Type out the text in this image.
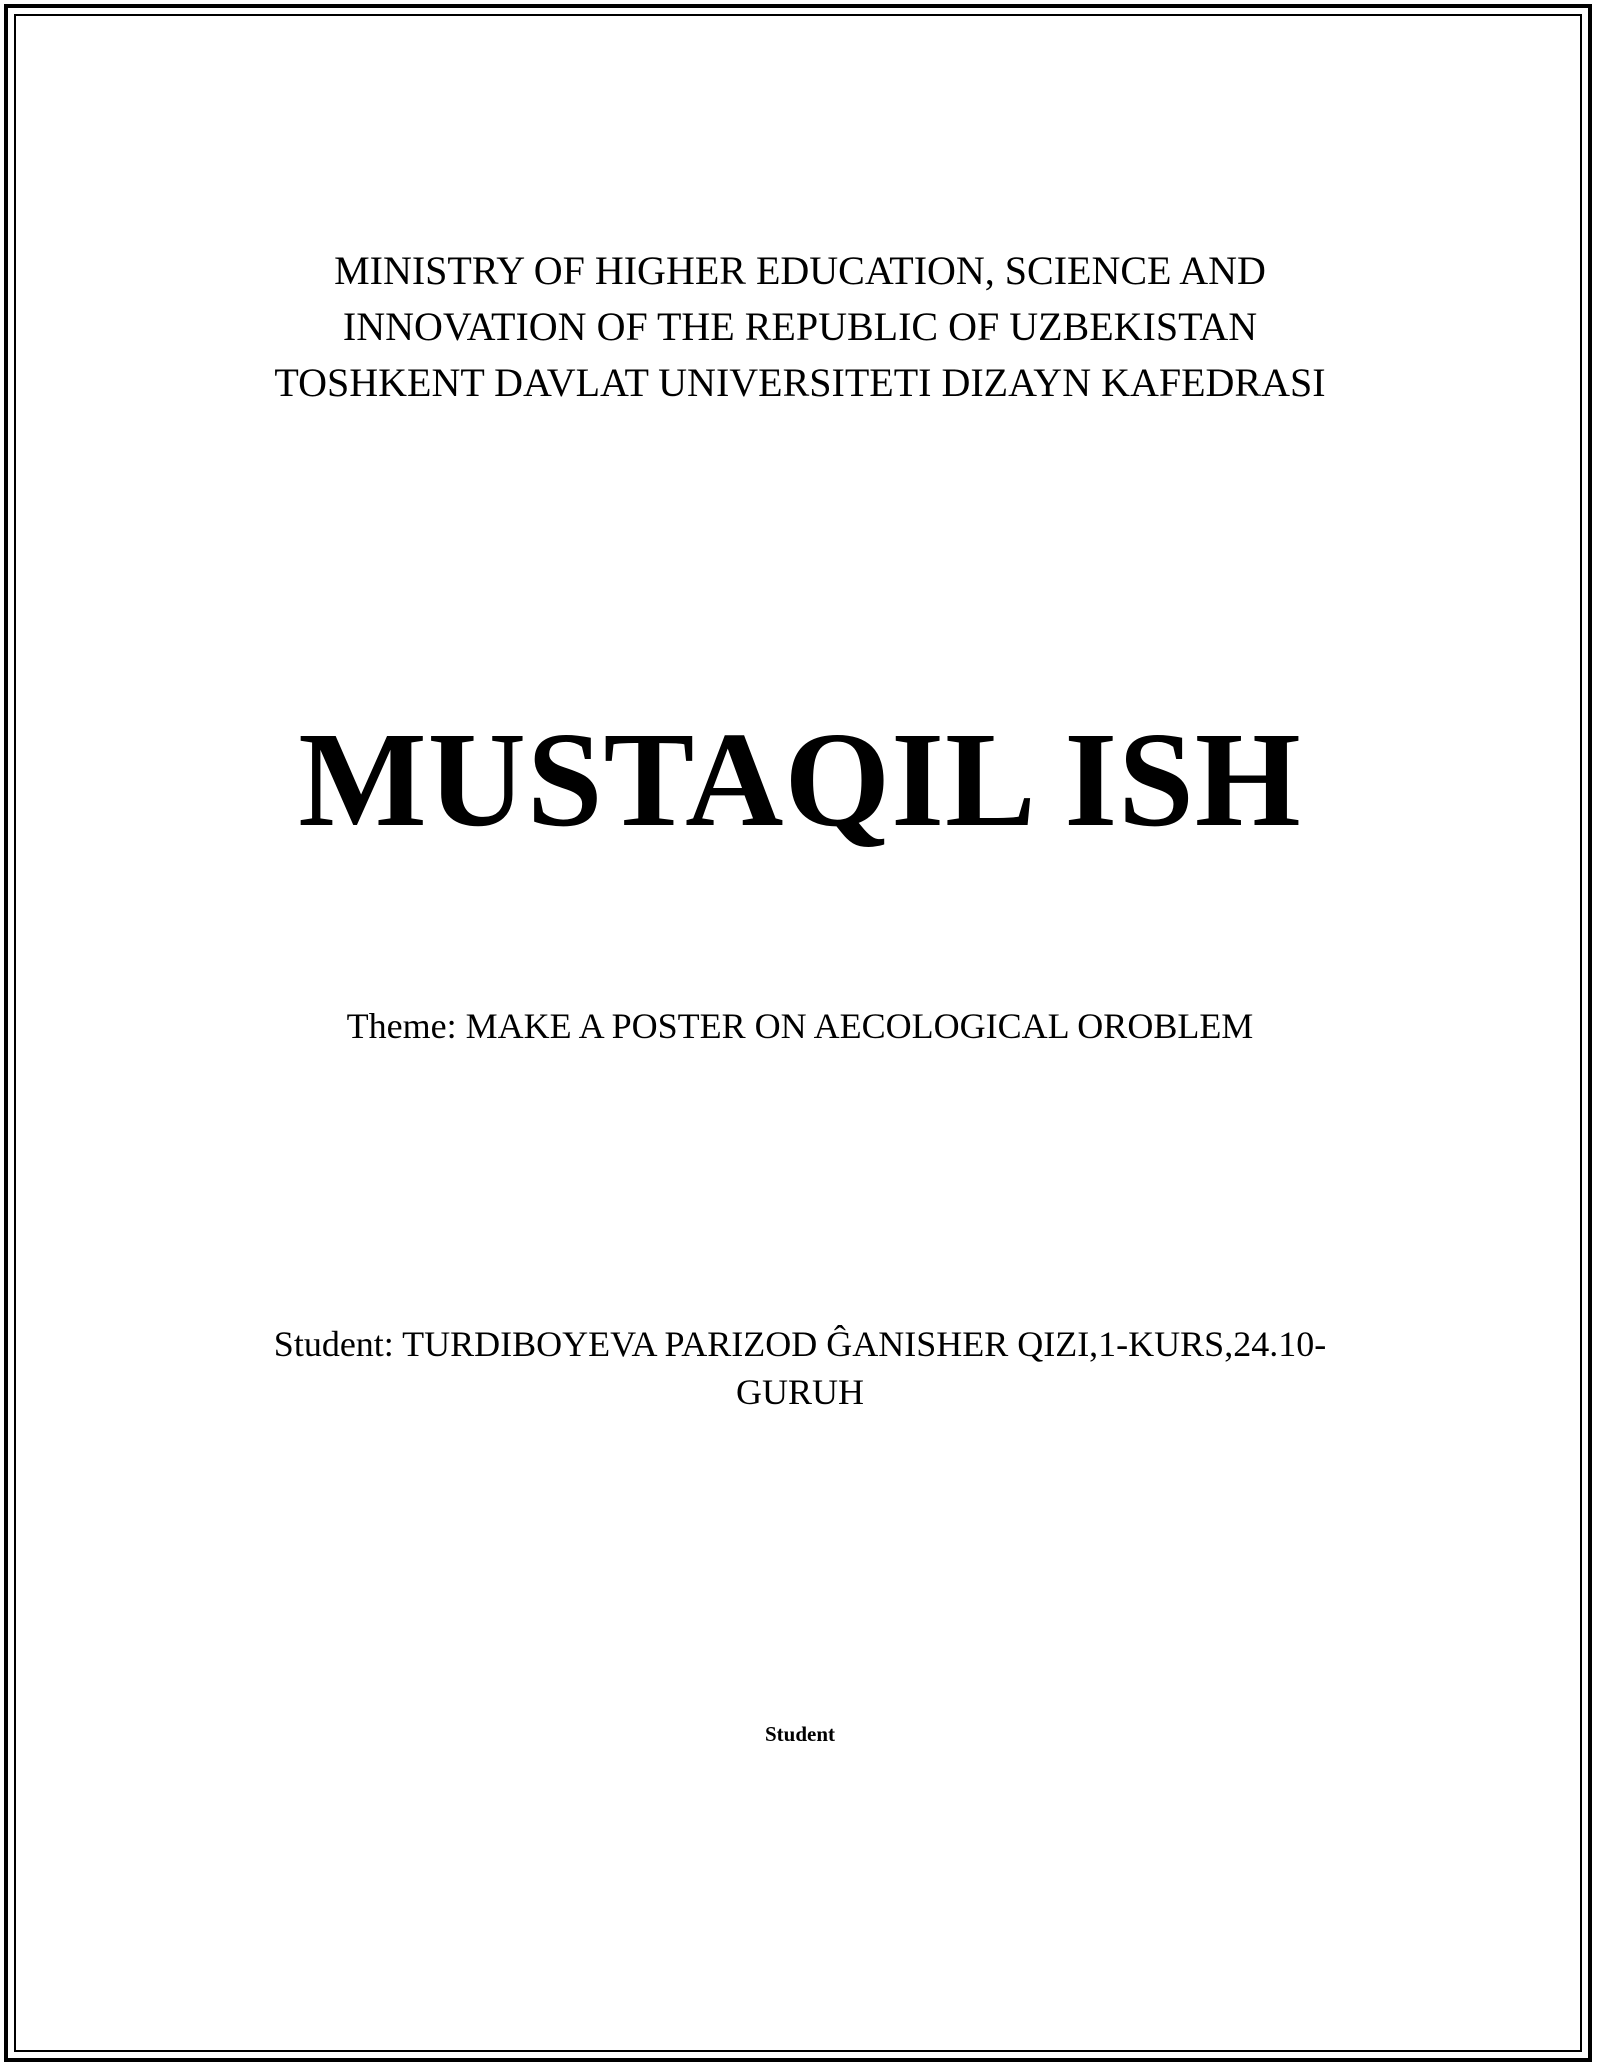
MINISTRY OF HIGHER EDUCATION, SCIENCE AND
INNOVATION OF THE REPUBLIC OF UZBEKISTAN
TOSHKENT DAVLAT UNIVERSITETI DIZAYN KAFEDRASI
MUSTAQIL ISH
Theme: MAKE A POSTER ON AECOLOGICAL OROBLEM
Student: TURDIBOYEVA PARIZOD ĜANISHER QIZI,1-KURS,24.10-
GURUH
Student
